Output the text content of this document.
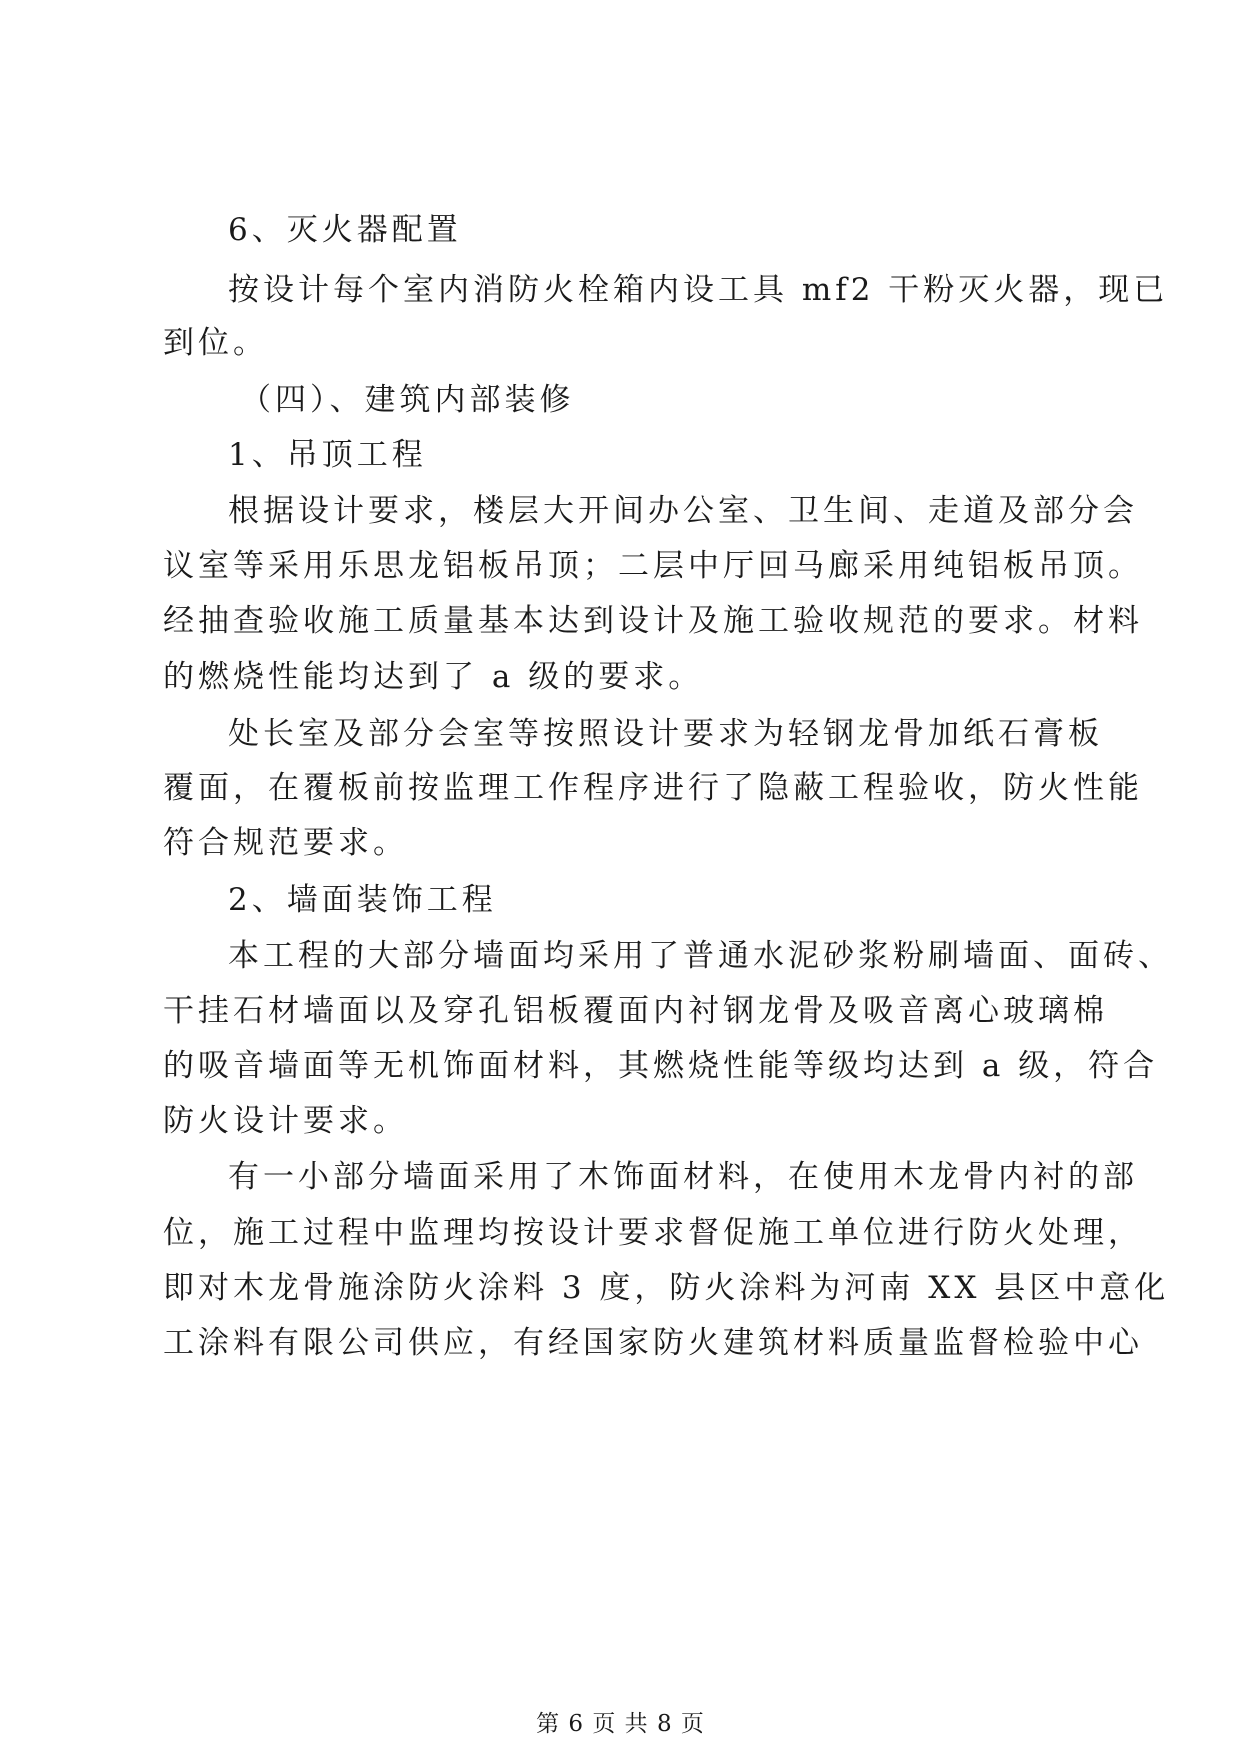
6、灭火器配置
按设计每个室内消防火栓箱内设工具 mf2 干粉灭火器，现已
到位。
（四）、建筑内部装修
1、吊顶工程
根据设计要求，楼层大开间办公室、卫生间、走道及部分会
议室等采用乐思龙铝板吊顶；二层中厅回马廊采用纯铝板吊顶。
经抽查验收施工质量基本达到设计及施工验收规范的要求。材料
的燃烧性能均达到了 a 级的要求。
处长室及部分会室等按照设计要求为轻钢龙骨加纸石膏板
覆面，在覆板前按监理工作程序进行了隐蔽工程验收，防火性能
符合规范要求。
2、墙面装饰工程
本工程的大部分墙面均采用了普通水泥砂浆粉刷墙面、面砖、
干挂石材墙面以及穿孔铝板覆面内衬钢龙骨及吸音离心玻璃棉
的吸音墙面等无机饰面材料，其燃烧性能等级均达到 a 级，符合
防火设计要求。
有一小部分墙面采用了木饰面材料，在使用木龙骨内衬的部
位，施工过程中监理均按设计要求督促施工单位进行防火处理，
即对木龙骨施涂防火涂料 3 度，防火涂料为河南 XX 县区中意化
工涂料有限公司供应，有经国家防火建筑材料质量监督检验中心
第 6 页 共 8 页
